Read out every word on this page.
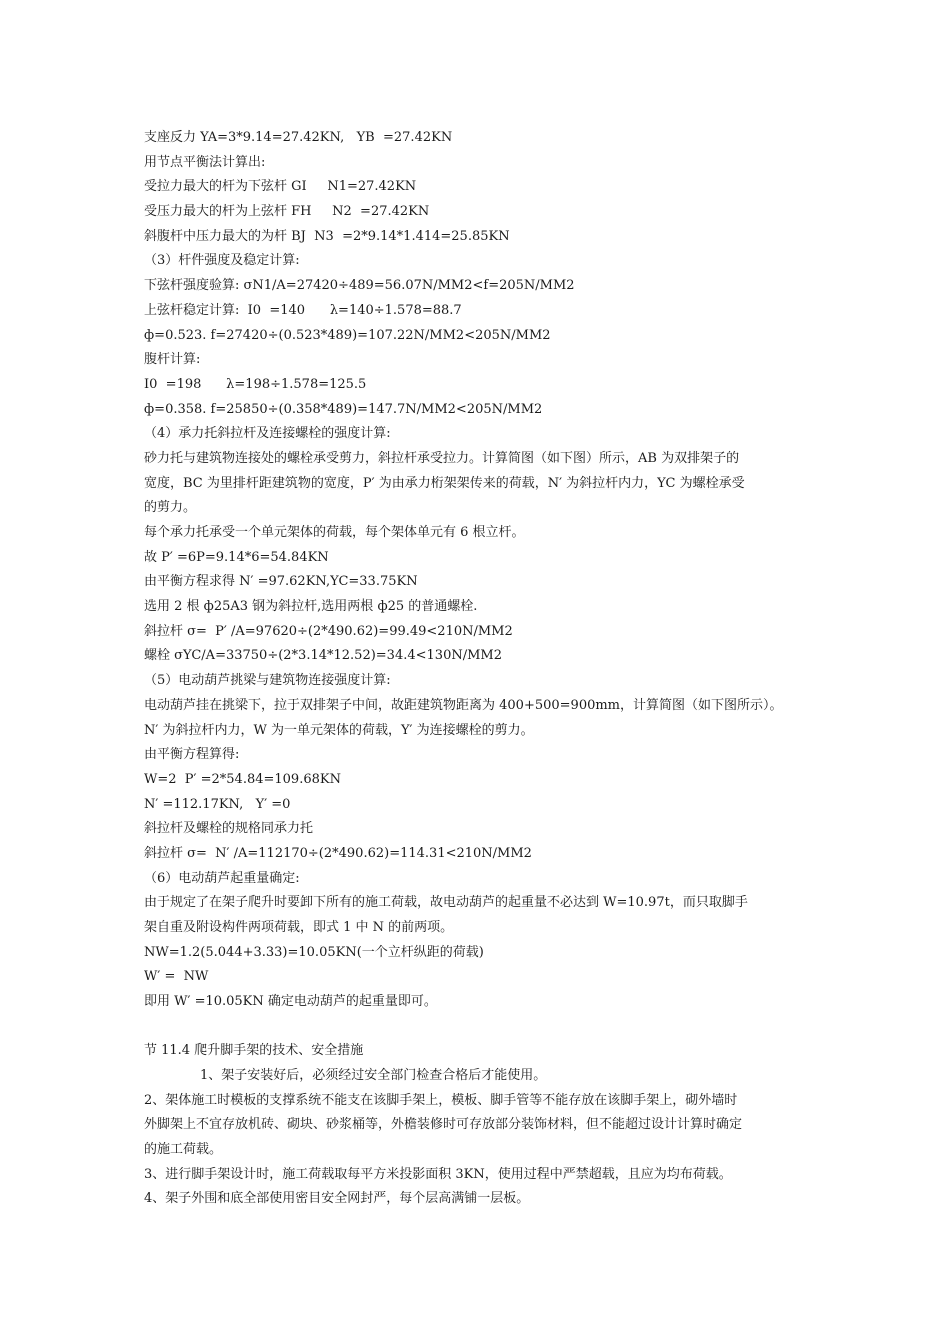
支座反力 YA=3*9.14=27.42KN,   YB  =27.42KN
用节点平衡法计算出:
受拉力最大的杆为下弦杆 GI     N1=27.42KN
受压力最大的杆为上弦杆 FH     N2  =27.42KN
斜腹杆中压力最大的为杆 BJ  N3  =2*9.14*1.414=25.85KN
（3）杆件强度及稳定计算:
下弦杆强度验算: σN1/A=27420÷489=56.07N/MM2<f=205N/MM2
上弦杆稳定计算:  I0  =140      λ=140÷1.578=88.7
ф=0.523. f=27420÷(0.523*489)=107.22N/MM2<205N/MM2
腹杆计算:
I0  =198      λ=198÷1.578=125.5
ф=0.358. f=25850÷(0.358*489)=147.7N/MM2<205N/MM2
（4）承力托斜拉杆及连接螺栓的强度计算:
砂力托与建筑物连接处的螺栓承受剪力，斜拉杆承受拉力。计算简图（如下图）所示，AB 为双排架子的
宽度，BC 为里排杆距建筑物的宽度，P′ 为由承力桁架架传来的荷载，N′ 为斜拉杆内力，YC 为螺栓承受
的剪力。
每个承力托承受一个单元架体的荷载，每个架体单元有 6 根立杆。
故 P′ =6P=9.14*6=54.84KN
由平衡方程求得 N′ =97.62KN,YC=33.75KN
选用 2 根 ф25A3 钢为斜拉杆,选用两根 ф25 的普通螺栓.
斜拉杆 σ=  P′ /A=97620÷(2*490.62)=99.49<210N/MM2
螺栓 σYC/A=33750÷(2*3.14*12.52)=34.4<130N/MM2
（5）电动葫芦挑梁与建筑物连接强度计算:
电动葫芦挂在挑梁下，拉于双排架子中间，故距建筑物距离为 400+500=900mm，计算简图（如下图所示）。
N′ 为斜拉杆内力，W 为一单元架体的荷载，Y′ 为连接螺栓的剪力。
由平衡方程算得:
W=2  P′ =2*54.84=109.68KN
N′ =112.17KN,   Y′ =0
斜拉杆及螺栓的规格同承力托
斜拉杆 σ=  N′ /A=112170÷(2*490.62)=114.31<210N/MM2
（6）电动葫芦起重量确定:
由于规定了在架子爬升时要卸下所有的施工荷载，故电动葫芦的起重量不必达到 W=10.97t，而只取脚手
架自重及附设构件两项荷载，即式 1 中 N 的前两项。
NW=1.2(5.044+3.33)=10.05KN(一个立杆纵距的荷载)
W′ =  NW
即用 W′ =10.05KN 确定电动葫芦的起重量即可。
节 11.4 爬升脚手架的技术、安全措施
1、架子安装好后，必须经过安全部门检查合格后才能使用。
2、架体施工时模板的支撑系统不能支在该脚手架上，模板、脚手管等不能存放在该脚手架上，砌外墙时
外脚架上不宜存放机砖、砌块、砂浆桶等，外檐装修时可存放部分装饰材料，但不能超过设计计算时确定
的施工荷载。
3、进行脚手架设计时，施工荷载取每平方米投影面积 3KN，使用过程中严禁超载，且应为均布荷载。
4、架子外围和底全部使用密目安全网封严，每个层高满铺一层板。
